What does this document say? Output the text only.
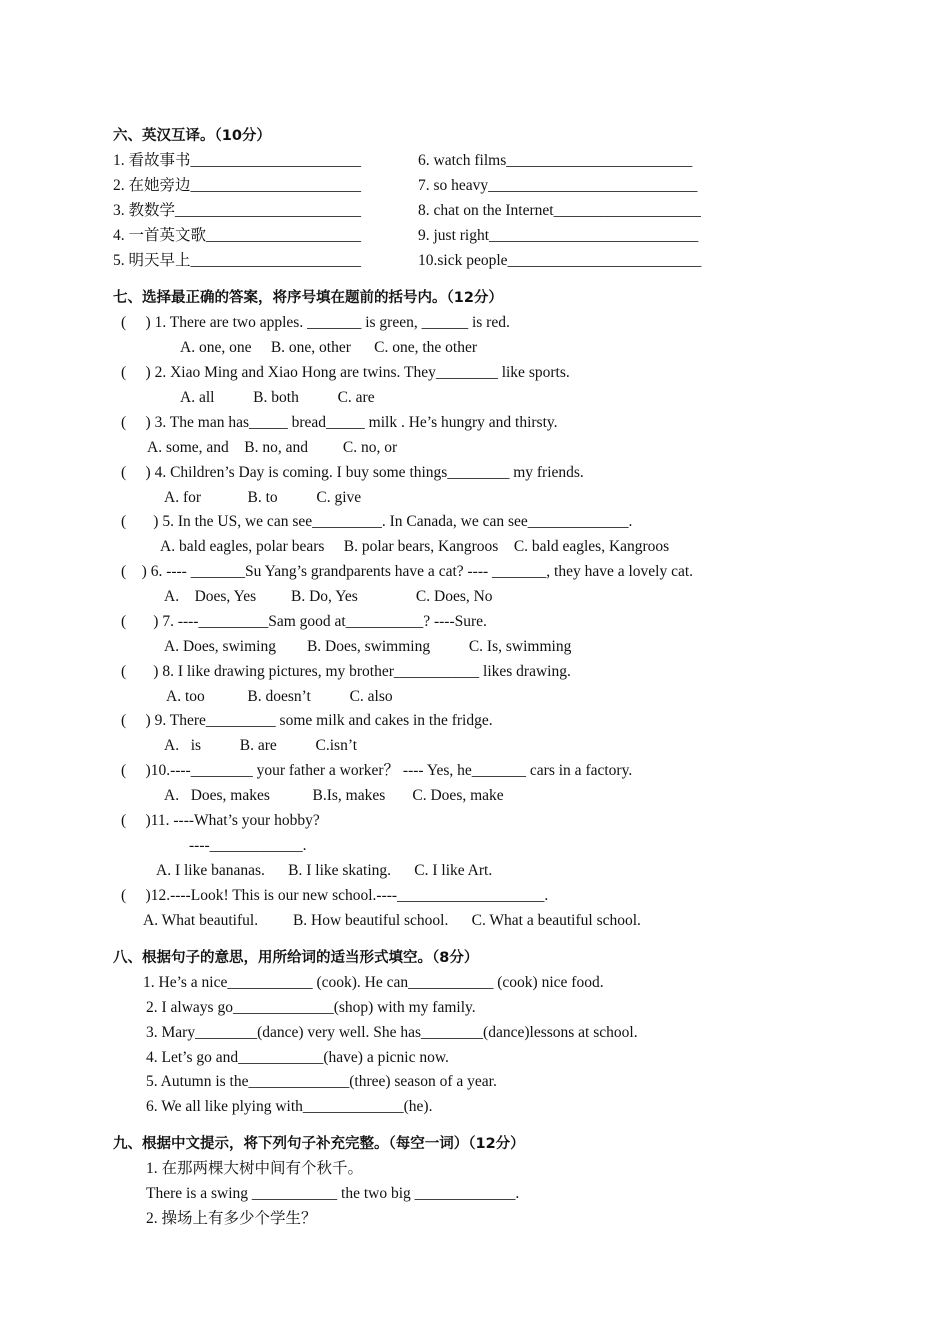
六、英汉互译。（10分）
1. 看故事书______________________
2. 在她旁边______________________
3. 教数学________________________
4. 一首英文歌____________________
5. 明天早上______________________
6. watch films________________________
7. so heavy___________________________
8. chat on the Internet___________________
9. just right___________________________
10.sick people_________________________
七、选择最正确的答案，将序号填在题前的括号内。（12分）
(     ) 1. There are two apples. _______ is green, ______ is red.
A. one, one     B. one, other      C. one, the other
(     ) 2. Xiao Ming and Xiao Hong are twins. They________ like sports.
A. all          B. both          C. are
(     ) 3. The man has_____ bread_____ milk . He’s hungry and thirsty.
A. some, and    B. no, and         C. no, or
(     ) 4. Children’s Day is coming. I buy some things________ my friends.
A. for            B. to          C. give
(       ) 5. In the US, we can see_________. In Canada, we can see_____________.
A. bald eagles, polar bears     B. polar bears, Kangroos    C. bald eagles, Kangroos
(    ) 6. ---- _______Su Yang’s grandparents have a cat? ---- _______, they have a lovely cat.
A.    Does, Yes         B. Do, Yes               C. Does, No
(       ) 7. ----_________Sam good at__________? ----Sure.
A. Does, swiming        B. Does, swimming          C. Is, swimming
(       ) 8. I like drawing pictures, my brother___________ likes drawing.
A. too           B. doesn’t          C. also
(     ) 9. There_________ some milk and cakes in the fridge.
A.   is          B. are          C.isn’t
(     )10.----________ your father a worker？ ---- Yes, he_______ cars in a factory.
A.   Does, makes           B.Is, makes       C. Does, make
(     )11. ----What’s your hobby?
----____________.
A. I like bananas.      B. I like skating.      C. I like Art.
(     )12.----Look! This is our new school.----___________________.
A. What beautiful.         B. How beautiful school.      C. What a beautiful school.
八、根据句子的意思，用所给词的适当形式填空。（8分）
1. He’s a nice___________ (cook). He can___________ (cook) nice food.
2. I always go_____________(shop) with my family.
3. Mary________(dance) very well. She has________(dance)lessons at school.
4. Let’s go and___________(have) a picnic now.
5. Autumn is the_____________(three) season of a year.
6. We all like plying with_____________(he).
九、根据中文提示，将下列句子补充完整。（每空一词）（12分）
1. 在那两棵大树中间有个秋千。
There is a swing ___________ the two big _____________.
2. 操场上有多少个学生？
